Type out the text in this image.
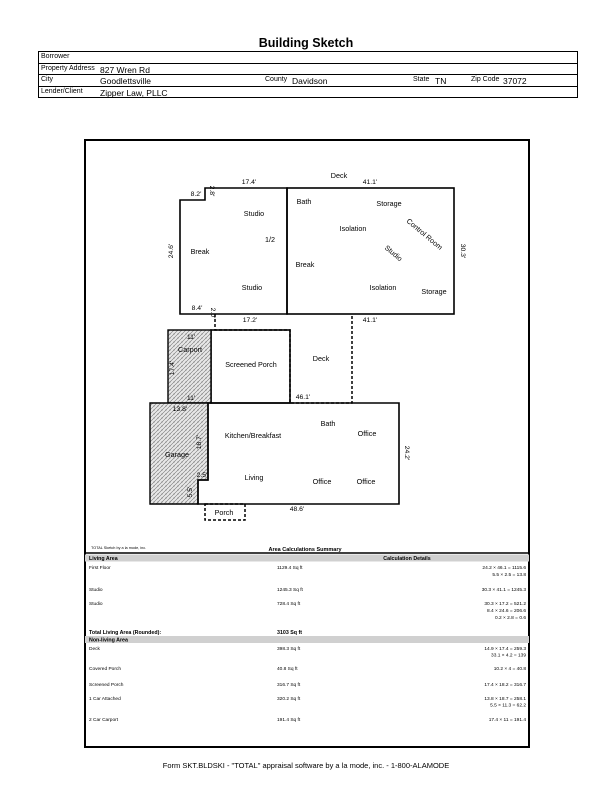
Building Sketch
Borrower
Property Address 827 Wren Rd
City	Goodlettsville	County Davidson	State TN	Zip Code 37072
Lender/Client Zipper Law, PLLC
Deck
Studio
1/2
Break
Studio
Bath	Storage
Isolation	Control Room
Studio
Break
Isolation	Storage
Carport
Screened Porch
Deck
Garage
Kitchen/Breakfast
Bath
Office
Living	Office	Office
Porch
8.2' 2.8'
17.4'	41.1'
24.6'	30.3'
8.4' 2.0'
17.2'	41.1'
11'
17.4'
11'	46.1'
13.8'
18.7'
2.5'
5.5'
24.2'
48.6'
TOTAL Sketch by a la mode, inc.	Area Calculations Summary
Living Area	Calculation Details
First Floor	1129.4 Sq ft	24.2 × 46.1 = 1115.6
5.5 × 2.5 = 13.8
Studio	1245.3 Sq ft	30.3 × 41.1 = 1245.3
Studio	728.4 Sq ft	30.3 × 17.2 = 521.2
8.4 × 24.6 = 206.6
0.2 × 2.8 = 0.6
Total Living Area (Rounded):	3103 Sq ft
Non-living Area
Deck	398.3 Sq ft	14.9 × 17.4 = 259.3
33.1 × 4.2 = 139
Covered Porch	40.8 Sq ft	10.2 × 4 = 40.8
Screened Porch	316.7 Sq ft	17.4 × 18.2 = 316.7
1 Car Attached	320.2 Sq ft	13.8 × 18.7 = 258.1
5.5 × 11.3 = 62.2
2 Car Carport	191.4 Sq ft	17.4 × 11 = 191.4
Form SKT.BLDSKI - "TOTAL" appraisal software by a la mode, inc. - 1-800-ALAMODE
